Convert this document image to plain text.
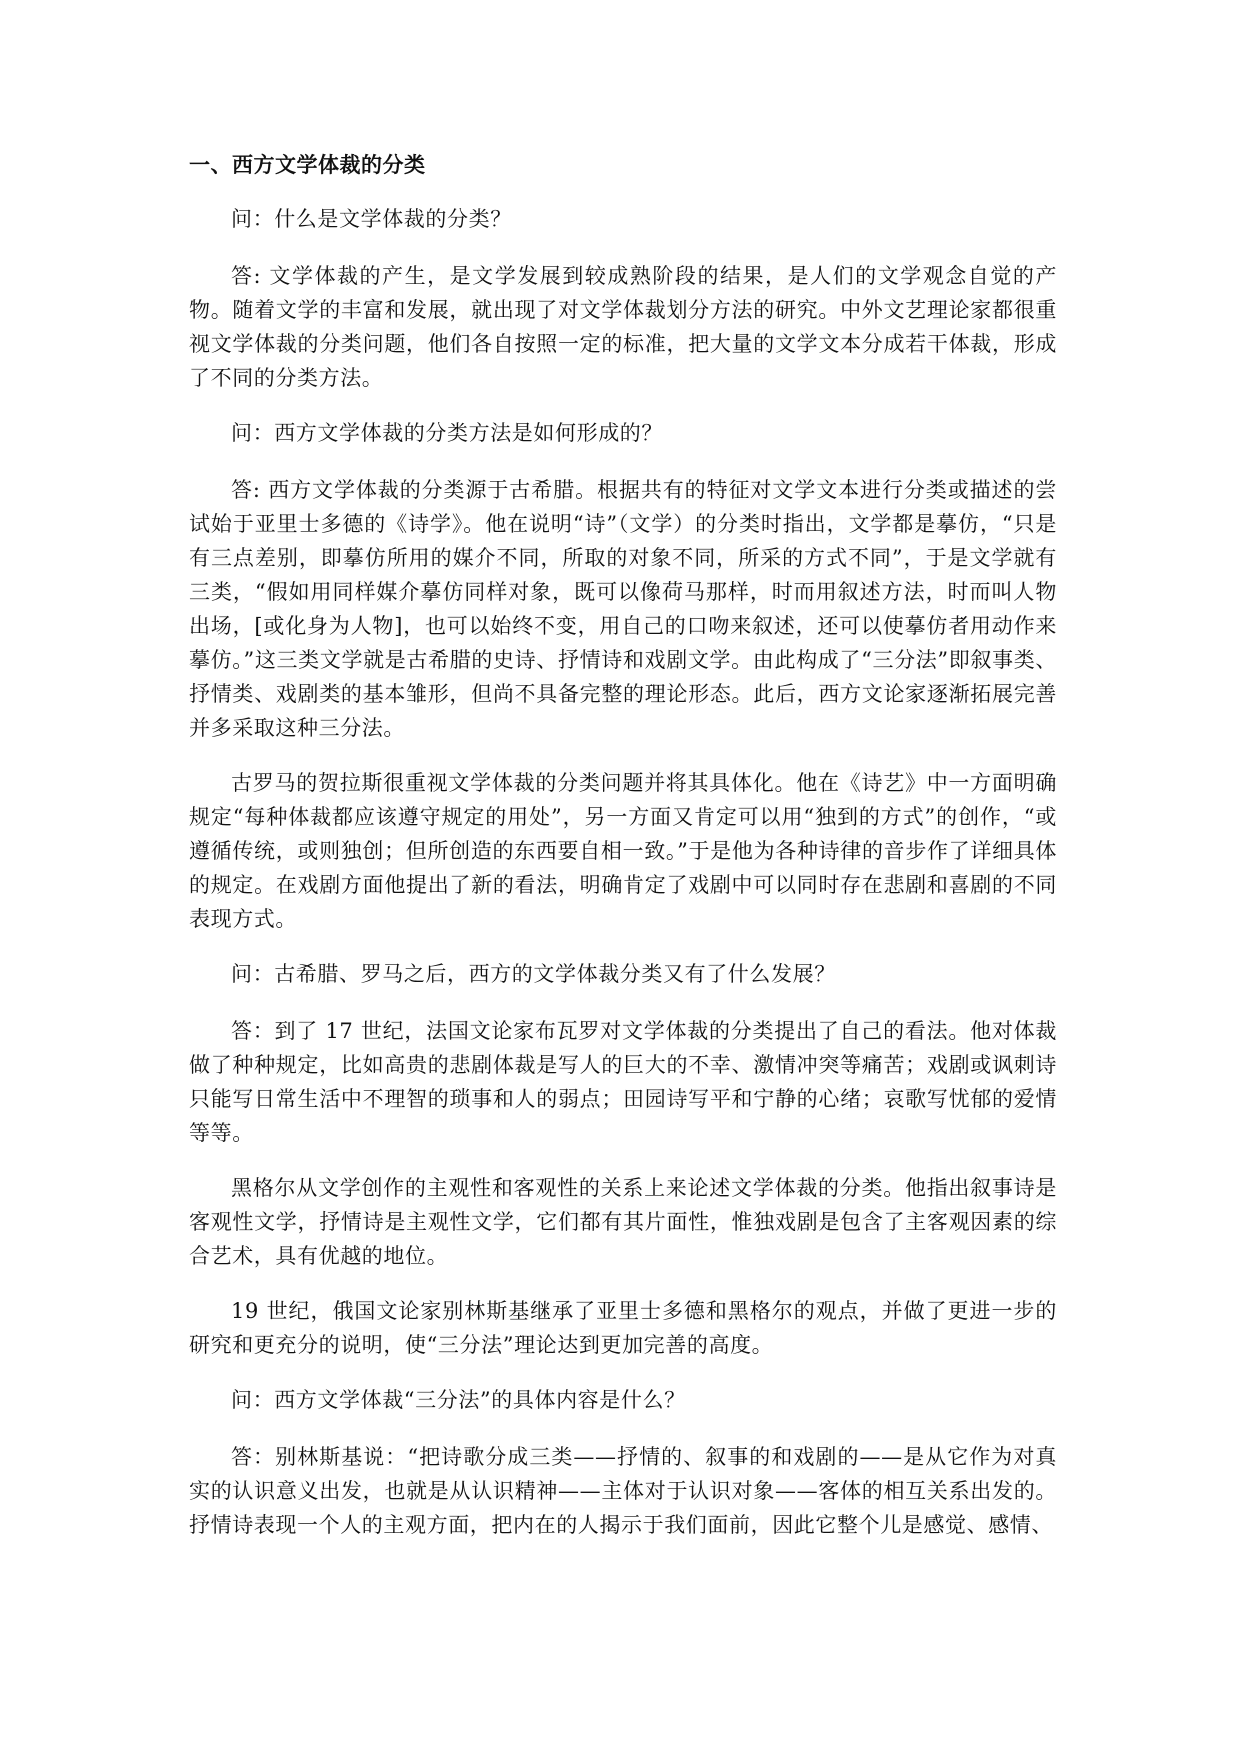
一、西方文学体裁的分类

问：什么是文学体裁的分类？

答: 文学体裁的产生，是文学发展到较成熟阶段的结果，是人们的文学观念自觉的产物。随着文学的丰富和发展，就出现了对文学体裁划分方法的研究。中外文艺理论家都很重视文学体裁的分类问题，他们各自按照一定的标准，把大量的文学文本分成若干体裁，形成了不同的分类方法。

问：西方文学体裁的分类方法是如何形成的？

答: 西方文学体裁的分类源于古希腊。根据共有的特征对文学文本进行分类或描述的尝试始于亚里士多德的《诗学》。他在说明“诗”（文学）的分类时指出，文学都是摹仿，“只是有三点差别，即摹仿所用的媒介不同，所取的对象不同，所采的方式不同”，于是文学就有三类，“假如用同样媒介摹仿同样对象，既可以像荷马那样，时而用叙述方法，时而叫人物出场，[或化身为人物]，也可以始终不变，用自己的口吻来叙述，还可以使摹仿者用动作来摹仿。”这三类文学就是古希腊的史诗、抒情诗和戏剧文学。由此构成了“三分法”即叙事类、抒情类、戏剧类的基本雏形，但尚不具备完整的理论形态。此后，西方文论家逐渐拓展完善并多采取这种三分法。

古罗马的贺拉斯很重视文学体裁的分类问题并将其具体化。他在《诗艺》中一方面明确规定“每种体裁都应该遵守规定的用处”，另一方面又肯定可以用“独到的方式”的创作，“或遵循传统，或则独创；但所创造的东西要自相一致。”于是他为各种诗律的音步作了详细具体的规定。在戏剧方面他提出了新的看法，明确肯定了戏剧中可以同时存在悲剧和喜剧的不同表现方式。

问：古希腊、罗马之后，西方的文学体裁分类又有了什么发展？

答：到了 17 世纪，法国文论家布瓦罗对文学体裁的分类提出了自己的看法。他对体裁做了种种规定，比如高贵的悲剧体裁是写人的巨大的不幸、激情冲突等痛苦；戏剧或讽刺诗只能写日常生活中不理智的琐事和人的弱点；田园诗写平和宁静的心绪；哀歌写忧郁的爱情等等。

黑格尔从文学创作的主观性和客观性的关系上来论述文学体裁的分类。他指出叙事诗是客观性文学，抒情诗是主观性文学，它们都有其片面性，惟独戏剧是包含了主客观因素的综合艺术，具有优越的地位。

19 世纪，俄国文论家别林斯基继承了亚里士多德和黑格尔的观点，并做了更进一步的研究和更充分的说明，使“三分法”理论达到更加完善的高度。

问：西方文学体裁“三分法”的具体内容是什么？

答：别林斯基说：“把诗歌分成三类——抒情的、叙事的和戏剧的——是从它作为对真实的认识意义出发，也就是从认识精神——主体对于认识对象——客体的相互关系出发的。抒情诗表现一个人的主观方面，把内在的人揭示于我们面前，因此它整个儿是感觉、感情、
